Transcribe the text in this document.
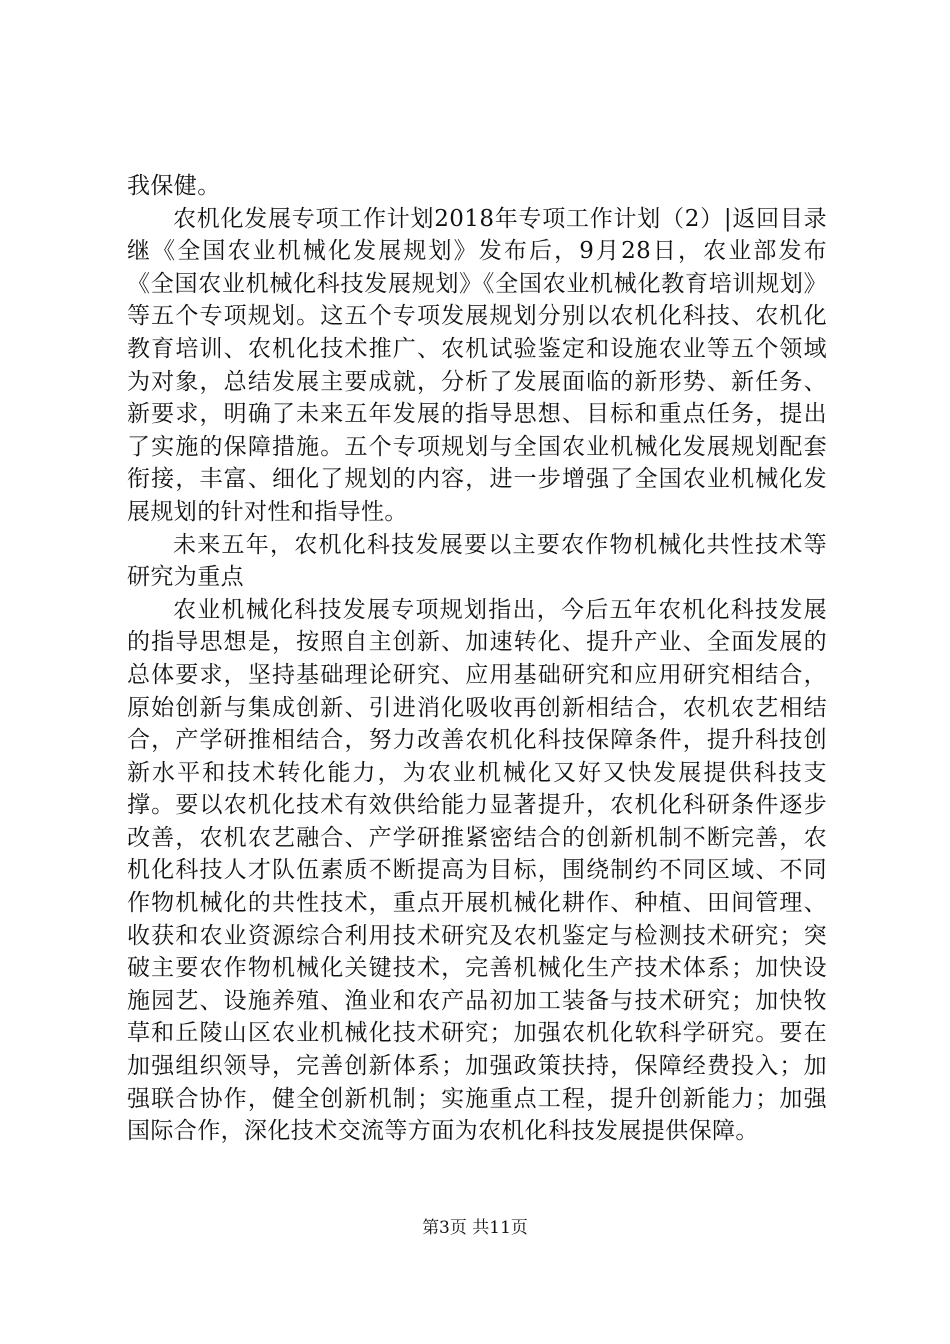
我保健。

农机化发展专项工作计划2018年专项工作计划（2）|返回目录继《全国农业机械化发展规划》发布后，9月28日，农业部发布《全国农业机械化科技发展规划》《全国农业机械化教育培训规划》等五个专项规划。这五个专项发展规划分别以农机化科技、农机化教育培训、农机化技术推广、农机试验鉴定和设施农业等五个领域为对象，总结发展主要成就，分析了发展面临的新形势、新任务、新要求，明确了未来五年发展的指导思想、目标和重点任务，提出了实施的保障措施。五个专项规划与全国农业机械化发展规划配套衔接，丰富、细化了规划的内容，进一步增强了全国农业机械化发展规划的针对性和指导性。

未来五年，农机化科技发展要以主要农作物机械化共性技术等研究为重点

农业机械化科技发展专项规划指出，今后五年农机化科技发展的指导思想是，按照自主创新、加速转化、提升产业、全面发展的总体要求，坚持基础理论研究、应用基础研究和应用研究相结合，原始创新与集成创新、引进消化吸收再创新相结合，农机农艺相结合，产学研推相结合，努力改善农机化科技保障条件，提升科技创新水平和技术转化能力，为农业机械化又好又快发展提供科技支撑。要以农机化技术有效供给能力显著提升，农机化科研条件逐步改善，农机农艺融合、产学研推紧密结合的创新机制不断完善，农机化科技人才队伍素质不断提高为目标，围绕制约不同区域、不同作物机械化的共性技术，重点开展机械化耕作、种植、田间管理、收获和农业资源综合利用技术研究及农机鉴定与检测技术研究；突破主要农作物机械化关键技术，完善机械化生产技术体系；加快设施园艺、设施养殖、渔业和农产品初加工装备与技术研究；加快牧草和丘陵山区农业机械化技术研究；加强农机化软科学研究。要在加强组织领导，完善创新体系；加强政策扶持，保障经费投入；加强联合协作，健全创新机制；实施重点工程，提升创新能力；加强国际合作，深化技术交流等方面为农机化科技发展提供保障。

第3页 共11页
